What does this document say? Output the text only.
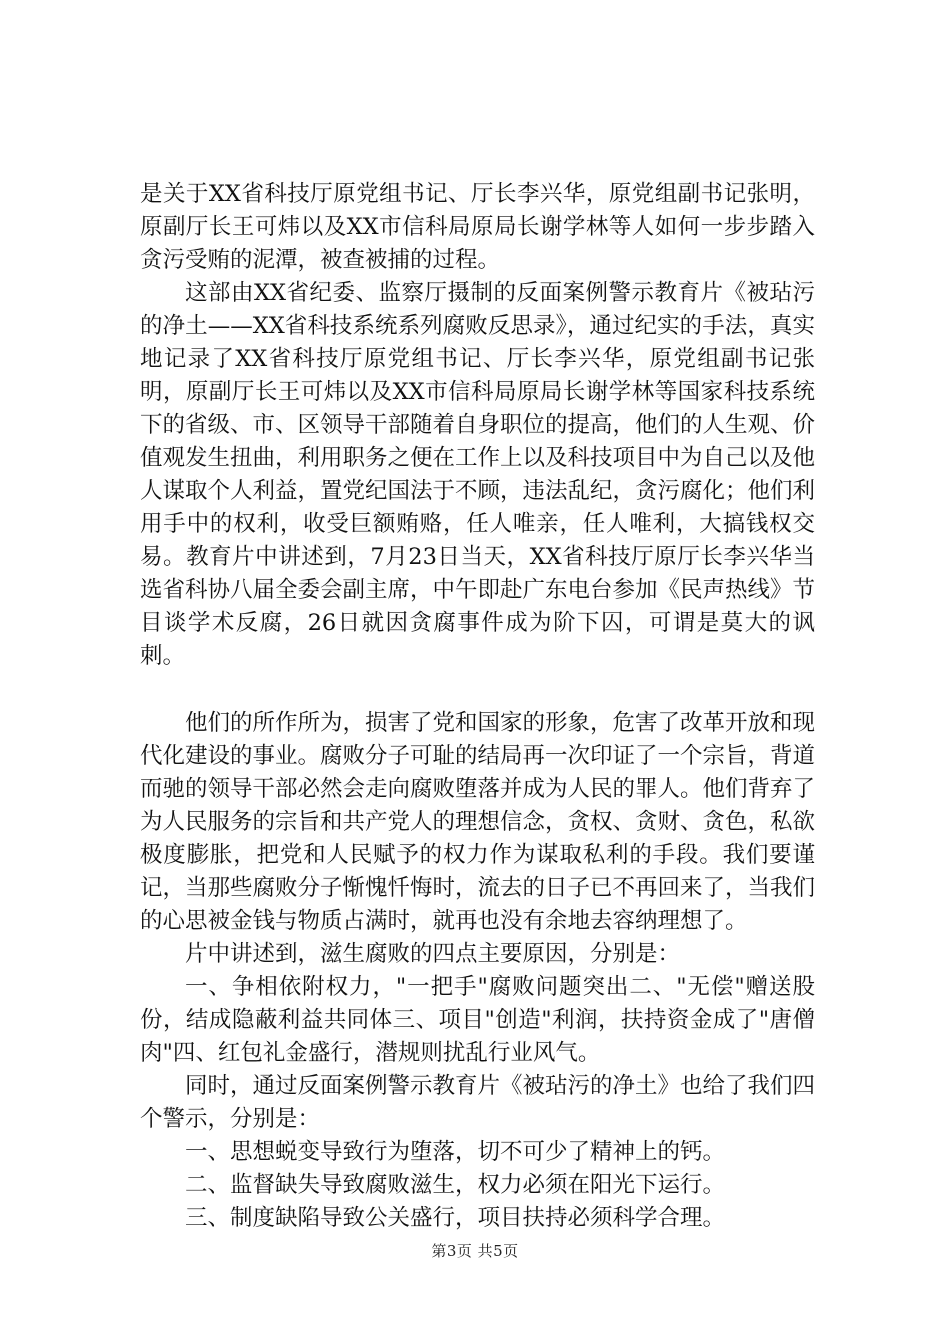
是关于XX省科技厅原党组书记、厅长李兴华，原党组副书记张明，原副厅长王可炜以及XX市信科局原局长谢学林等人如何一步步踏入贪污受贿的泥潭，被查被捕的过程。

这部由XX省纪委、监察厅摄制的反面案例警示教育片《被玷污的净土——XX省科技系统系列腐败反思录》，通过纪实的手法，真实地记录了XX省科技厅原党组书记、厅长李兴华，原党组副书记张明，原副厅长王可炜以及XX市信科局原局长谢学林等国家科技系统下的省级、市、区领导干部随着自身职位的提高，他们的人生观、价值观发生扭曲，利用职务之便在工作上以及科技项目中为自己以及他人谋取个人利益，置党纪国法于不顾，违法乱纪，贪污腐化；他们利用手中的权利，收受巨额贿赂，任人唯亲，任人唯利，大搞钱权交易。教育片中讲述到，7月23日当天，XX省科技厅原厅长李兴华当选省科协八届全委会副主席，中午即赴广东电台参加《民声热线》节目谈学术反腐，26日就因贪腐事件成为阶下囚，可谓是莫大的讽刺。

他们的所作所为，损害了党和国家的形象，危害了改革开放和现代化建设的事业。腐败分子可耻的结局再一次印证了一个宗旨，背道而驰的领导干部必然会走向腐败堕落并成为人民的罪人。他们背弃了为人民服务的宗旨和共产党人的理想信念，贪权、贪财、贪色，私欲极度膨胀，把党和人民赋予的权力作为谋取私利的手段。我们要谨记，当那些腐败分子惭愧忏悔时，流去的日子已不再回来了，当我们的心思被金钱与物质占满时，就再也没有余地去容纳理想了。

片中讲述到，滋生腐败的四点主要原因，分别是：

一、争相依附权力，"一把手"腐败问题突出二、"无偿"赠送股份，结成隐蔽利益共同体三、项目"创造"利润，扶持资金成了"唐僧肉"四、红包礼金盛行，潜规则扰乱行业风气。

同时，通过反面案例警示教育片《被玷污的净土》也给了我们四个警示，分别是：

一、思想蜕变导致行为堕落，切不可少了精神上的钙。

二、监督缺失导致腐败滋生，权力必须在阳光下运行。

三、制度缺陷导致公关盛行，项目扶持必须科学合理。

第3页 共5页
